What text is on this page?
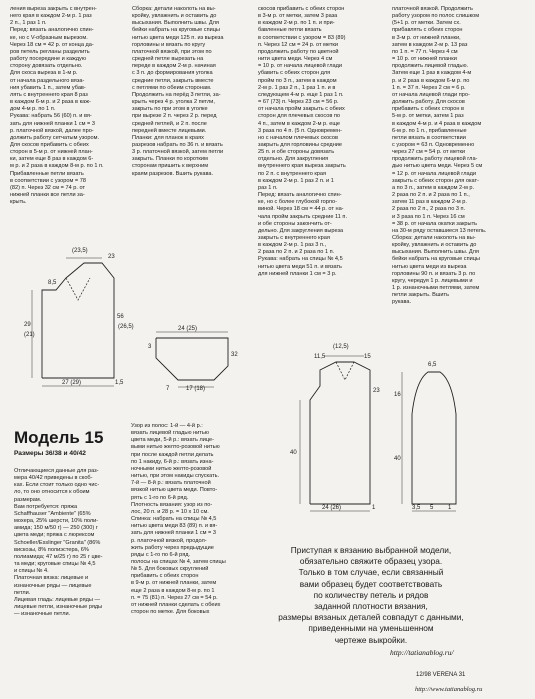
ления выреза закрыть с внутрен-
него края в каждом 2-м р. 1 раз
2 п., 1 раз 1 п.
Перед: вязать аналогично спин-
ке, но с V-образным вырезом.
Через 18 см = 42 р. от конца да-
ров петель регланы разделить
работу посередине и каждую
сторону довязать отдельно.
Для скоса выреза в 1-м р.
от начала раздельного вяза-
ния убавить 1 п., затем убав-
лять с внутреннего края 8 раз
в каждом 6-м р. и 2 раза в каж-
дом 4-м р. по 1 п.
Рукава: набрать 56 (60) п. и вя-
зать для нижней планки 1 см = 3
р. платочной вязкой, далее про-
должить работу сетчатым узором.
Для скосов прибавить с обеих
сторон в 5-м р. от нижней план-
ки, затем еще 8 раз в каждом 6-
м р. и 2 раза в каждом 8-м р. по 1 п.
Прибавленные петли вязать
в соответствии с узором = 78
(82) п. Через 32 см = 74 р. от
нижней планки все петли за-
крыть.
Сборка: детали наколоть на вы-
кройку, увлажнить и оставить до
высыхания. Выполнить швы. Для
бейки набрать на круговые спицы
нитью цвета меди 125 п. из выреза
горловины и вязать по кругу
платочной вязкой, при этом по
средней петле вырезать на
переде в каждом 2-м р. начиная
с 3 п. до формирования уголка
средние петли, закрыть вместе
с петлями по обеим сторонам.
Продолжить на перёд 3 петли, за-
крыть через 4 р. уголка 2 петли,
закрыть по при этом в уголке
при вырезе 2 п. через 2 р. перед
средней петлей, и 2 п. после
передней вместе лицевыми.
Планки: для планок в краях
разрезов набрать по 36 п. и вязать
3 р. платочной вязкой, затем петли
закрыть. Планки по коротким
сторонам пришить к верхним
краям разрезов. Вшить рукава.
скосов прибавить с обеих сторон
в 3-м р. от метки, затем 3 раза
в каждом 2-м р. по 1 п. и при-
бавленные петли вязать
в соответствии с узором = 83 (89)
п. Через 12 см = 24 р. от метки
продолжить работу по цветной
нити цвета меди. Через 4 см
= 10 р. от начала лицевой глади
убавить с обеих сторон для
пройм по 3 п., затем в каждом
2-м р. 1 раз 2 п., 1 раз 1 п. и в
следующем 4-м р. еще 1 раз 1 п.
= 67 (73) п. Через 23 см = 56 р.
от начала пройм закрыть с обеих
сторон для плечевых скосов по
4 п., затем в каждом 2-м р. еще
3 раза по 4 п. (5 п. Одновремен-
но с началом плечевых скосов
закрыть для горловины средние
25 п. и обе стороны довязать
отдельно. Для закругления
внутреннего края выреза закрыть
по 2 п. с внутреннего края
в каждом 2-м р. 1 раз 2 п. и 1
раз 1 п.
Перед: вязать аналогично спин-
ке, но с более глубокой горло-
виной. Через 18 см = 44 р. от на-
чала пройм закрыть средние 11 п.
и обе стороны закончить от-
дельно. Для закругления выреза
закрыть с внутреннего края
в каждом 2-м р. 1 раз 3 п.,
2 раза по 2 п. и 2 раза по 1 п.
Рукава: набрать на спицы № 4,5
нитью цвета меди 51 п. и вязать
для нижней планки 1 см = 3 р.
платочной вязкой. Продолжить
работу узором по полос слишком
(5+1 р. от метки. Затем сх.
прибавлять с обеих сторон
в 3-м р. от нижней планки,
затем в каждом 2-м р. 13 раз
по 1 п. = 77 п. Через 4 см
= 10 р. от нижней планки
продолжить лицевой гладью.
Затем еще 1 раз в каждом 4-м
р. и 2 раза в каждом 6-м р. по
1 п. = 37 п. Через 2 см = 6 р.
от начала лицевой глади про-
должить работу. Для скосов
прибавить с обеих сторон в
5-м р. от метки, затем 1 раз
в каждом 4-м р. и 4 раза в каждом
6-м р. по 1 п., прибавленные
петли вязать в соответствии
с узором = 63 п. Одновременно
через 27 см = 54 р. от метки
продолжить работу лицевой гла-
дью нитью цвета меди. Через 5 см
= 12 р. от начала лицевой глади
закрыть с обеих сторон для окат-
а по 3 п., затем в каждом 2-м р.
2 раза по 2 п. и 2 раза по 1 п.,
затем 11 раз в каждом 2-м р.
2 раза по 2 п., 2 раза по 3 п.
и 3 раза по 1 п. Через 16 см
= 38 р. от начала окатки закрыть
на 30-м ряду оставшиеся 13 петель.
Сборка: детали наколоть на вы-
кройку, увлажнить и оставить до
высыхания. Выполнить швы. Для
бейки набрать на круговые спицы
нитью цвета меди из выреза
горловины 90 п. и вязать 3 р. по
кругу, чередуя 1 р. лицевыми и
1 р. изнаночными петлями, затем
петли закрыть. Вшить
рукава.
(23,5)
23
29
(21)
8,5
56
(26,5)
27 (29)	1,5
24 (25)
3
32
7	17 (18)
(12,5)
11,5	15
23
40
24 (26)	1
6,5
16
40
3,5 5 1
Модель 15
Размеры 36/38 и 40/42
Отличающиеся данные для раз-
мера 40/42 приведены в скоб-
ках. Если стоит только одно чис-
ло, то оно относится к обоим
размерам.
Вам потребуется: пряжа
Schaffhauser "Ambiente" (65%
мохера, 25% шерсти, 10% поли-
амида; 150 м/50 г) — 250 (300) г
цвета меди; пряжа с люрексом
Schoeller/Esslinger "Granita" (86%
вискозы, 8% полиэстера, 6%
полиамида; 47 м/25 г) по 25 г цве-
та меди; круговые спицы № 4,5
и спицы № 4.
Платочная вязка: лицевые и
изнаночные ряды — лицевые
петли.
Лицевая гладь: лицевые ряды —
лицевые петли, изнаночные ряды
— изнаночные петли.
Узор из полос: 1-й — 4-й р.:
вязать лицевой гладью нитью
цвета меди, 5-й р.: вязать лице-
выми нитью желто-розовой нитью
при после каждой петли делать
по 1 накиду, 6-й р.: вязать изна-
ночными нитью желто-розовой
нитью, при этом накиды спускать.
7-й — 8-й р.: вязать платочной
вязкой нитью цвета меди. Повто-
рять с 1-го по 6-й ряд.
Плотность вязания: узор из по-
лос, 20 п. и 28 р. = 10 х 10 см.
Спинка: набрать на спицы № 4,5
нитью цвета меди 83 (89) п. и вя-
зать для нижней планки 1 см = 3
р. платочной вязкой, продол-
жить работу через предыдущие
ряды с 1-го по 6-й ряд.
полосы на спицах № 4, затем спицы
№ 5. Для боковых скруглений
прибавить с обеих сторон
в 9-м р. от нижней планки, затем
еще 2 раза в каждом 8-м р. по 1
п. = 75 (81) п. Через 27 см = 54 р.
от нижней планки сделать с обеих
сторон по метке. Для боковых
Приступая к вязанию выбранной модели,
обязательно свяжите образец узора.
Только в том случае, если связанный
вами образец будет соответствовать
по количеству петель и рядов
заданной плотности вязания,
размеры вязаных деталей совпадут с данными,
приведенными на уменьшенном
чертеже выкройки.
http://tatianablog.ru/
12/98 VERENA 31
http://www.tatianablog.ru
